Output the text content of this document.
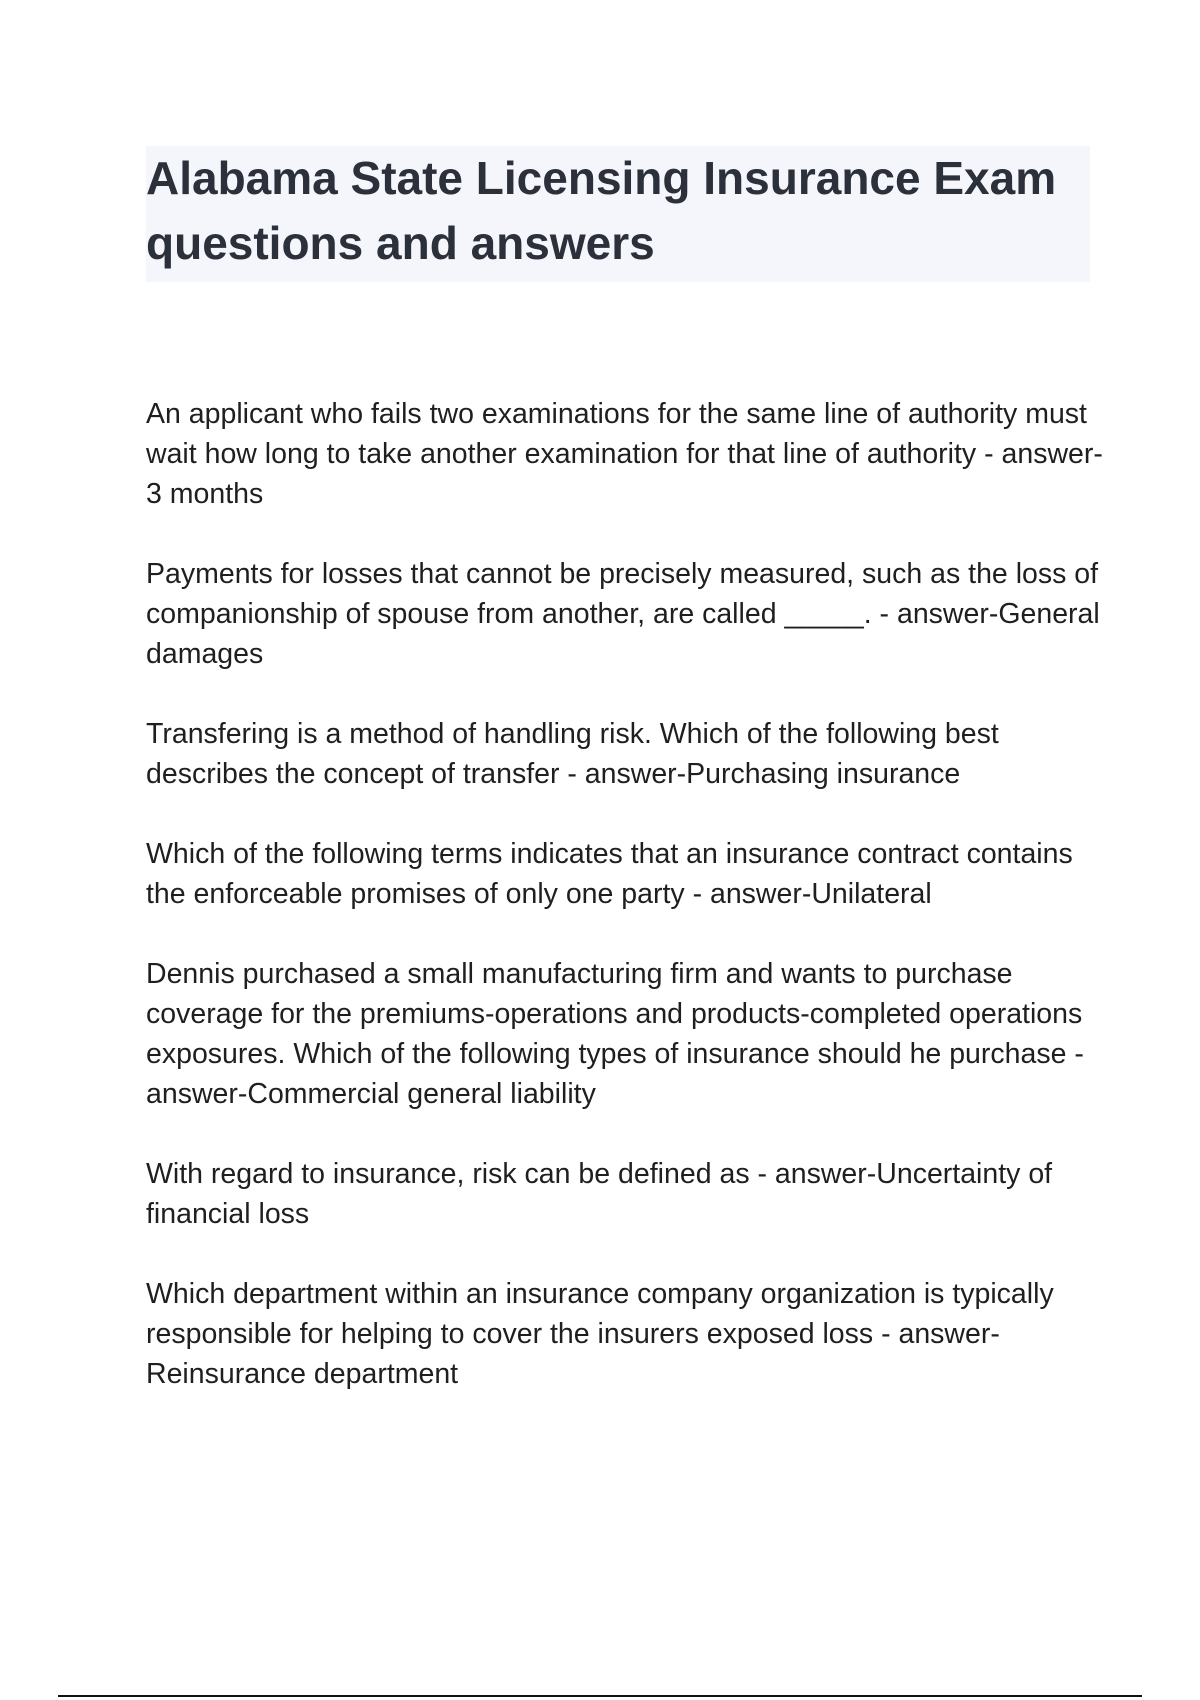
Alabama State Licensing Insurance Exam questions and answers
An applicant who fails two examinations for the same line of authority must wait how long to take another examination for that line of authority - answer-3 months
Payments for losses that cannot be precisely measured, such as the loss of companionship of spouse from another, are called _____. - answer-General damages
Transfering is a method of handling risk. Which of the following best describes the concept of transfer - answer-Purchasing insurance
Which of the following terms indicates that an insurance contract contains the enforceable promises of only one party - answer-Unilateral
Dennis purchased a small manufacturing firm and wants to purchase coverage for the premiums-operations and products-completed operations exposures. Which of the following types of insurance should he purchase - answer-Commercial general liability
With regard to insurance, risk can be defined as - answer-Uncertainty of financial loss
Which department within an insurance company organization is typically responsible for helping to cover the insurers exposed loss - answer-Reinsurance department
